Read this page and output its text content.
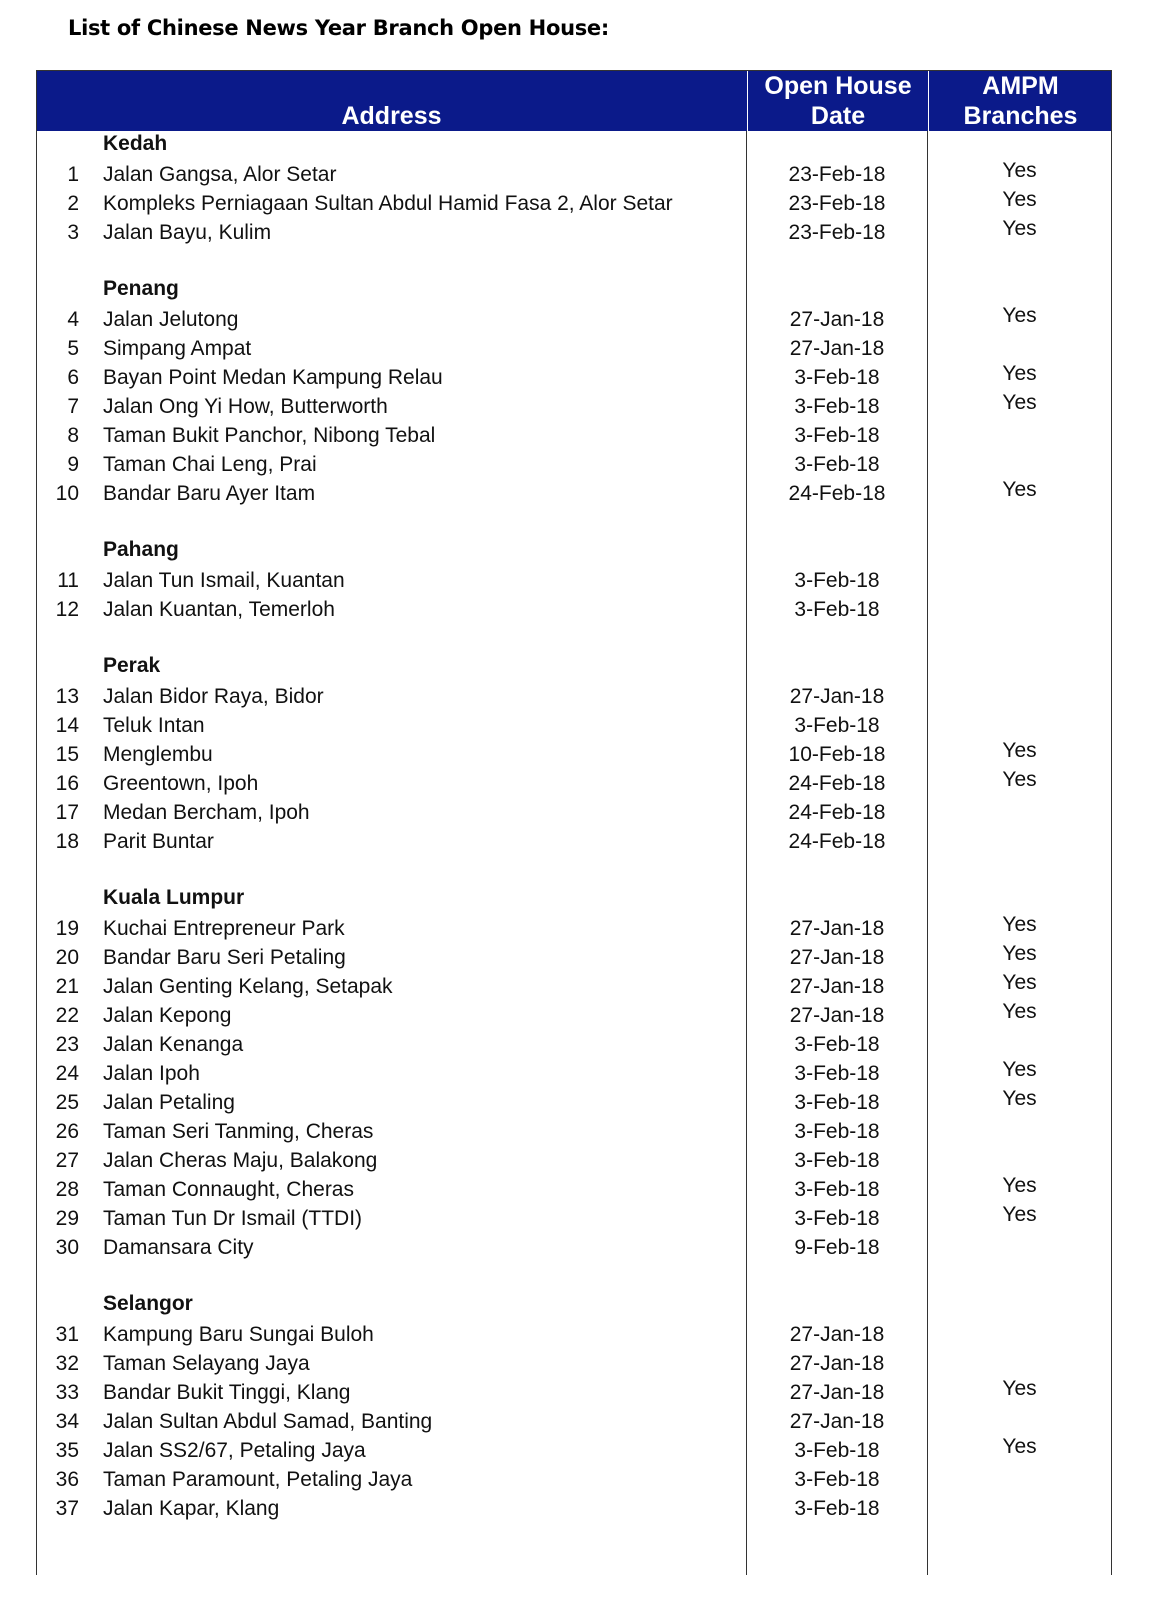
List of Chinese News Year Branch Open House:
Address
Open House
Date
AMPM
Branches
Kedah
1 Jalan Gangsa, Alor Setar	23-Feb-18	Yes
2 Kompleks Perniagaan Sultan Abdul Hamid Fasa 2, Alor Setar	23-Feb-18	Yes
3 Jalan Bayu, Kulim	23-Feb-18	Yes
Penang
4 Jalan Jelutong	27-Jan-18	Yes
5 Simpang Ampat	27-Jan-18
6 Bayan Point Medan Kampung Relau	3-Feb-18	Yes
7 Jalan Ong Yi How, Butterworth	3-Feb-18	Yes
8 Taman Bukit Panchor, Nibong Tebal	3-Feb-18
9 Taman Chai Leng, Prai	3-Feb-18
10 Bandar Baru Ayer Itam	24-Feb-18	Yes
Pahang
11 Jalan Tun Ismail, Kuantan	3-Feb-18
12 Jalan Kuantan, Temerloh	3-Feb-18
Perak
13 Jalan Bidor Raya, Bidor	27-Jan-18
14 Teluk Intan	3-Feb-18
15 Menglembu	10-Feb-18	Yes
16 Greentown, Ipoh	24-Feb-18	Yes
17 Medan Bercham, Ipoh	24-Feb-18
18 Parit Buntar	24-Feb-18
Kuala Lumpur
19 Kuchai Entrepreneur Park	27-Jan-18	Yes
20 Bandar Baru Seri Petaling	27-Jan-18	Yes
21 Jalan Genting Kelang, Setapak	27-Jan-18	Yes
22 Jalan Kepong	27-Jan-18	Yes
23 Jalan Kenanga	3-Feb-18
24 Jalan Ipoh	3-Feb-18	Yes
25 Jalan Petaling	3-Feb-18	Yes
26 Taman Seri Tanming, Cheras	3-Feb-18
27 Jalan Cheras Maju, Balakong	3-Feb-18
28 Taman Connaught, Cheras	3-Feb-18	Yes
29 Taman Tun Dr Ismail (TTDI)	3-Feb-18	Yes
30 Damansara City	9-Feb-18
Selangor
31 Kampung Baru Sungai Buloh	27-Jan-18
32 Taman Selayang Jaya	27-Jan-18
33 Bandar Bukit Tinggi, Klang	27-Jan-18	Yes
34 Jalan Sultan Abdul Samad, Banting	27-Jan-18
35 Jalan SS2/67, Petaling Jaya	3-Feb-18	Yes
36 Taman Paramount, Petaling Jaya	3-Feb-18
37 Jalan Kapar, Klang	3-Feb-18
